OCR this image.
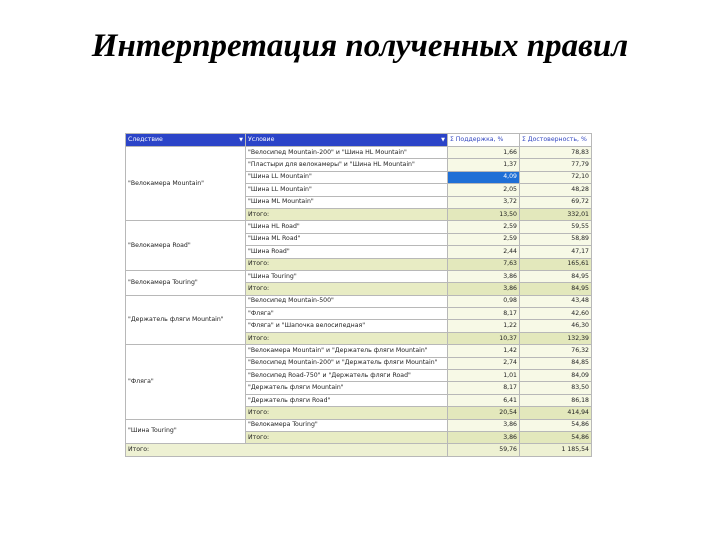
Интерпретация полученных правил
Следствие ▼	Условие ▼	Σ Поддержка, %	Σ Достоверность, %
"Велокамера Mountain"	"Велосипед Mountain-200" и "Шина HL Mountain"	1,66	78,83
	"Пластыри для велокамеры" и "Шина HL Mountain"	1,37	77,79
	"Шина LL Mountain"	4,09	72,10
	"Шина LL Mountain"	2,05	48,28
	"Шина ML Mountain"	3,72	69,72
	Итого:	13,50	332,01
"Велокамера Road"	"Шина HL Road"	2,59	59,55
	"Шина ML Road"	2,59	58,89
	"Шина Road"	2,44	47,17
	Итого:	7,63	165,61
"Велокамера Touring"	"Шина Touring"	3,86	84,95
	Итого:	3,86	84,95
"Держатель фляги Mountain"	"Велосипед Mountain-500"	0,98	43,48
	"Фляга"	8,17	42,60
	"Фляга" и "Шапочка велосипедная"	1,22	46,30
	Итого:	10,37	132,39
"Фляга"	"Велокамера Mountain" и "Держатель фляги Mountain"	1,42	76,32
	"Велосипед Mountain-200" и "Держатель фляги Mountain"	2,74	84,85
	"Велосипед Road-750" и "Держатель фляги Road"	1,01	84,09
	"Держатель фляги Mountain"	8,17	83,50
	"Держатель фляги Road"	6,41	86,18
	Итого:	20,54	414,94
"Шина Touring"	"Велокамера Touring"	3,86	54,86
	Итого:	3,86	54,86
Итого:		59,76	1 185,54
